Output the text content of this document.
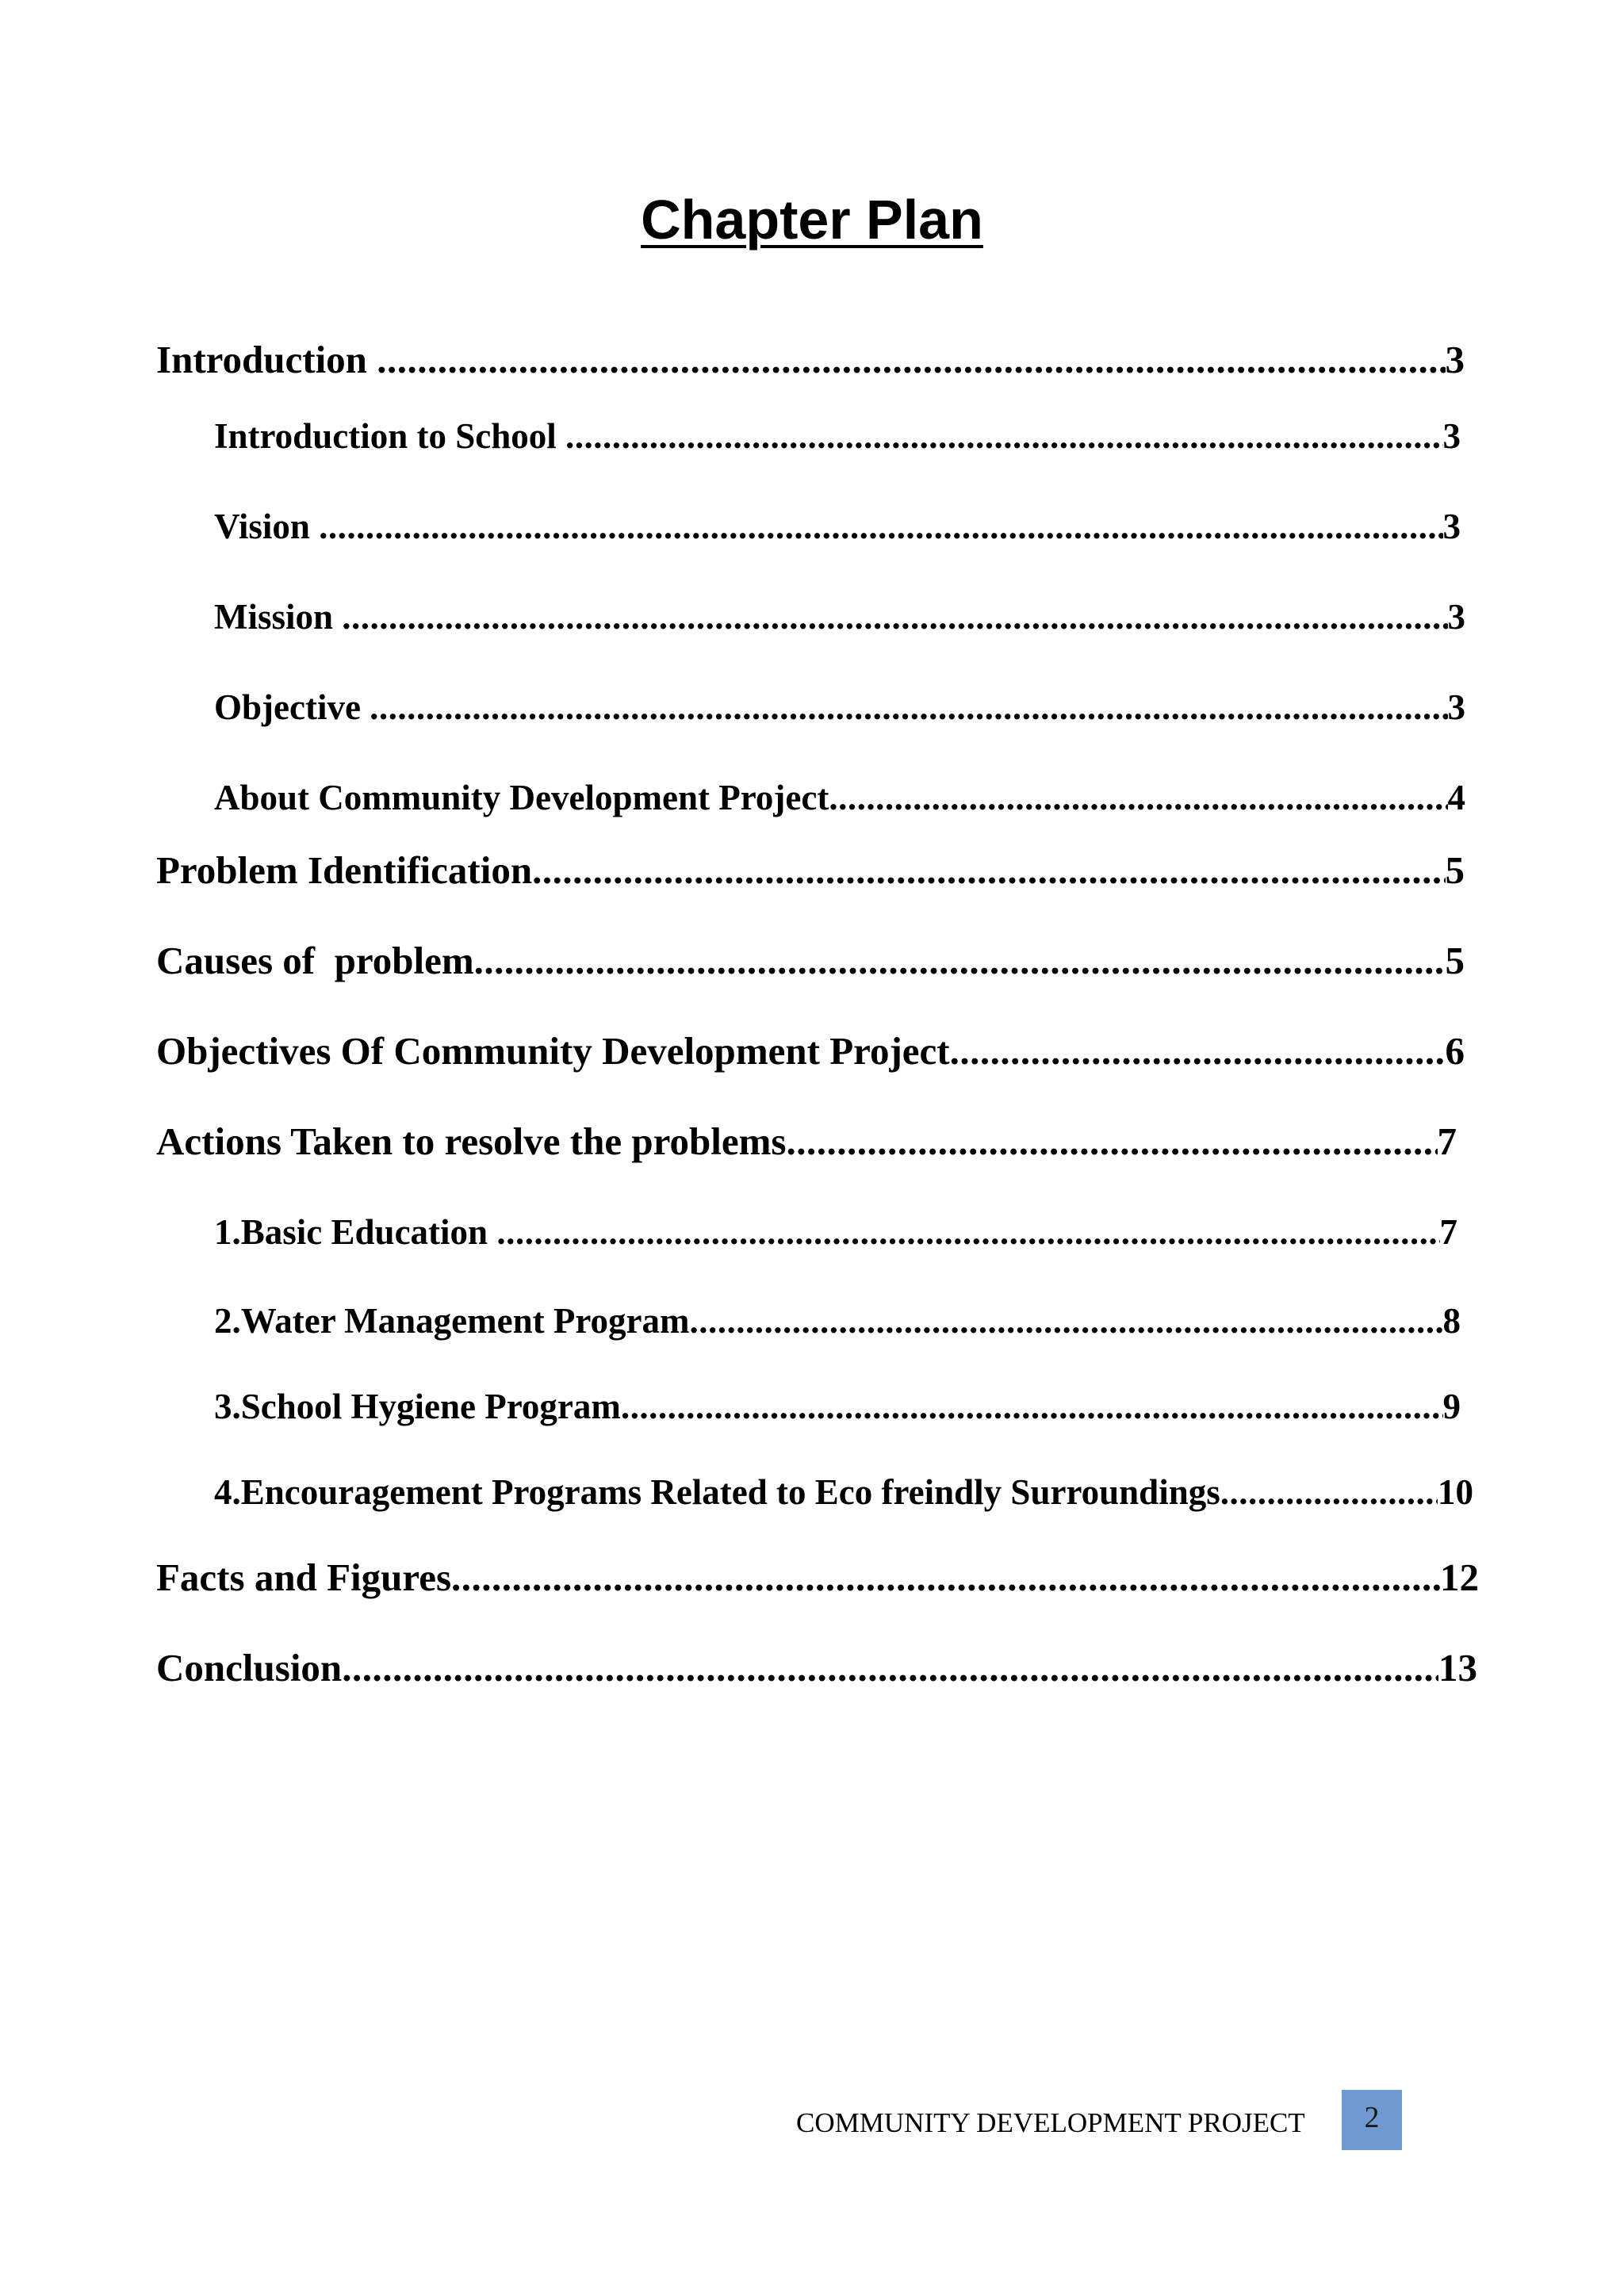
Chapter Plan
Introduction .....	3
Introduction to School .....	3
Vision .....	3
Mission .....	3
Objective .....	3
About Community Development Project .....	4
Problem Identification .....	5
Causes of  problem .....	5
Objectives Of Community Development Project .....	6
Actions Taken to resolve the problems .....	7
1.Basic Education .....	7
2.Water Management Program .....	8
3.School Hygiene Program .....	9
4.Encouragement Programs Related to Eco freindly Surroundings .....	10
Facts and Figures .....	12
Conclusion .....	13
COMMUNITY DEVELOPMENT PROJECT	2
